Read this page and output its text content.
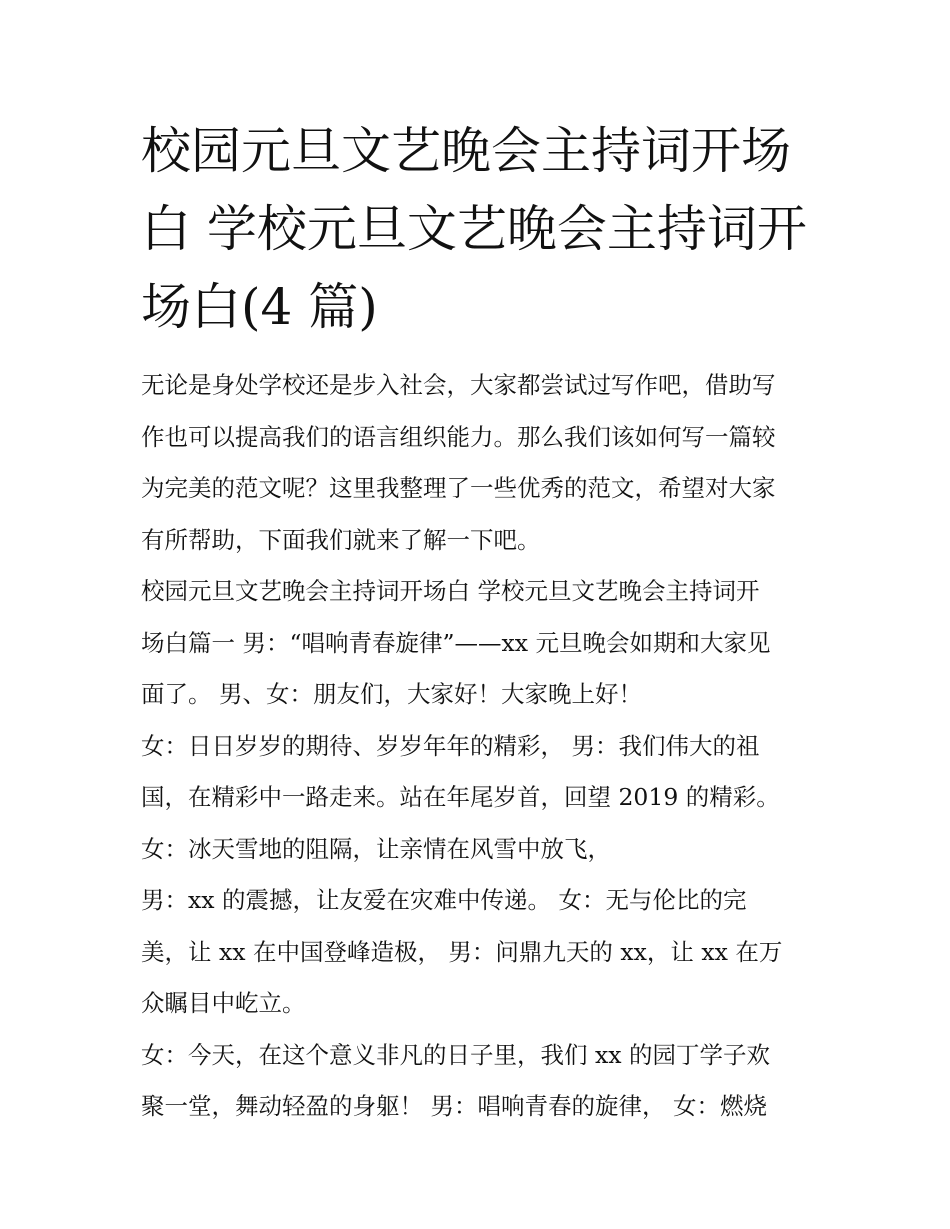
校园元旦文艺晚会主持词开场
白 学校元旦文艺晚会主持词开
场白(4 篇)

无论是身处学校还是步入社会，大家都尝试过写作吧，借助写
作也可以提高我们的语言组织能力。那么我们该如何写一篇较
为完美的范文呢？这里我整理了一些优秀的范文，希望对大家
有所帮助，下面我们就来了解一下吧。

校园元旦文艺晚会主持词开场白 学校元旦文艺晚会主持词开
场白篇一 男：“唱响青春旋律”——xx 元旦晚会如期和大家见
面了。 男、女：朋友们，大家好！大家晚上好！

女：日日岁岁的期待、岁岁年年的精彩， 男：我们伟大的祖
国，在精彩中一路走来。站在年尾岁首，回望 2019 的精彩。

女：冰天雪地的阻隔，让亲情在风雪中放飞，

男：xx 的震撼，让友爱在灾难中传递。 女：无与伦比的完
美，让 xx 在中国登峰造极， 男：问鼎九天的 xx，让 xx 在万
众瞩目中屹立。

女：今天，在这个意义非凡的日子里，我们 xx 的园丁学子欢
聚一堂，舞动轻盈的身躯！ 男：唱响青春的旋律， 女：燃烧
